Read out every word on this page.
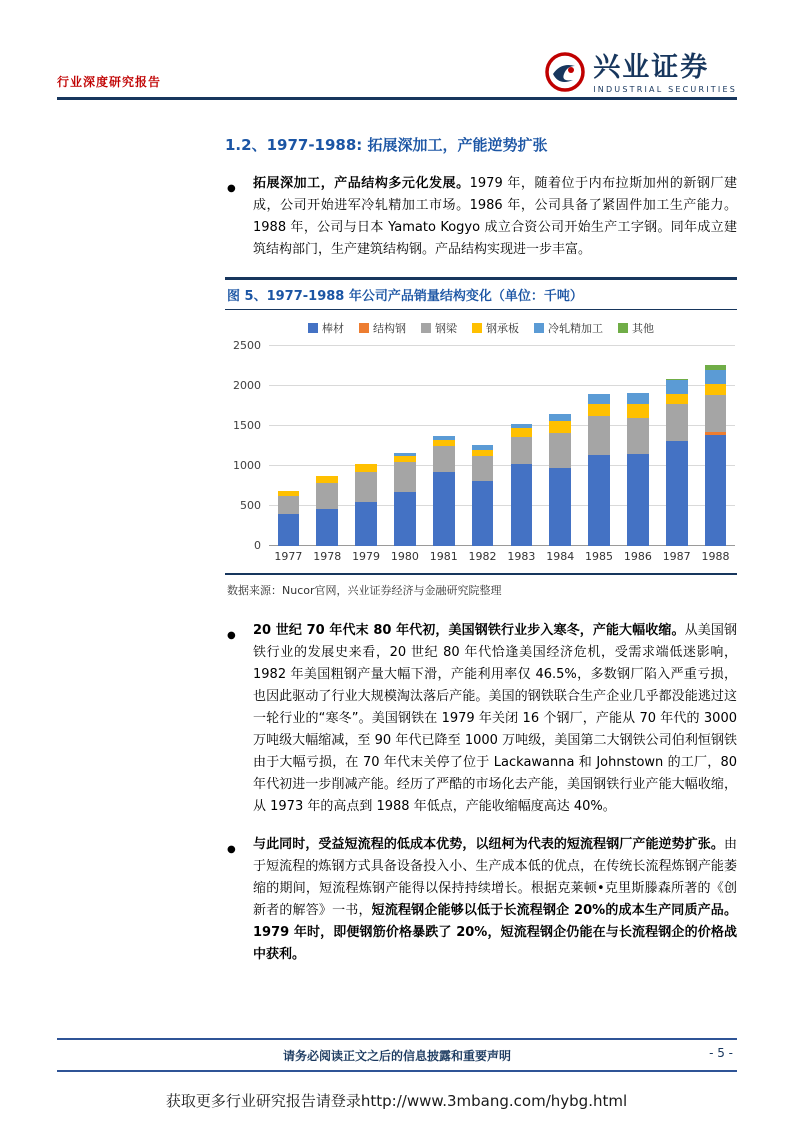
行业深度研究报告	兴业证券
INDUSTRIAL SECURITIES
1.2、1977-1988: 拓展深加工，产能逆势扩张
● 拓展深加工，产品结构多元化发展。1979 年，随着位于内布拉斯加州的新钢厂建成，公司开始进军冷轧精加工市场。1986 年，公司具备了紧固件加工生产能力。1988 年，公司与日本 Yamato Kogyo 成立合资公司开始生产工字钢。同年成立建筑结构部门，生产建筑结构钢。产品结构实现进一步丰富。
图 5、1977-1988 年公司产品销量结构变化（单位：千吨）
棒材	结构钢	钢梁	钢承板	冷轧精加工	其他
0
500
1000
1500
2000
2500
1977 1978 1979 1980 1981 1982 1983 1984 1985 1986 1987 1988
数据来源：Nucor官网，兴业证券经济与金融研究院整理
● 20 世纪 70 年代末 80 年代初，美国钢铁行业步入寒冬，产能大幅收缩。从美国钢铁行业的发展史来看，20 世纪 80 年代恰逢美国经济危机，受需求端低迷影响，1982 年美国粗钢产量大幅下滑，产能利用率仅 46.5%，多数钢厂陷入严重亏损，也因此驱动了行业大规模淘汰落后产能。美国的钢铁联合生产企业几乎都没能逃过这一轮行业的“寒冬”。美国钢铁在 1979 年关闭 16 个钢厂，产能从 70 年代的 3000 万吨级大幅缩减，至 90 年代已降至 1000 万吨级，美国第二大钢铁公司伯利恒钢铁由于大幅亏损，在 70 年代末关停了位于 Lackawanna 和 Johnstown 的工厂，80 年代初进一步削减产能。经历了严酷的市场化去产能，美国钢铁行业产能大幅收缩，从 1973 年的高点到 1988 年低点，产能收缩幅度高达 40%。
● 与此同时，受益短流程的低成本优势，以纽柯为代表的短流程钢厂产能逆势扩张。由于短流程的炼钢方式具备设备投入小、生产成本低的优点，在传统长流程炼钢产能萎缩的期间，短流程炼钢产能得以保持持续增长。根据克莱顿•克里斯滕森所著的《创新者的解答》一书，短流程钢企能够以低于长流程钢企 20%的成本生产同质产品。1979 年时，即便钢筋价格暴跌了 20%，短流程钢企仍能在与长流程钢企的价格战中获利。
请务必阅读正文之后的信息披露和重要声明	- 5 -
获取更多行业研究报告请登录http://www.3mbang.com/hybg.html
